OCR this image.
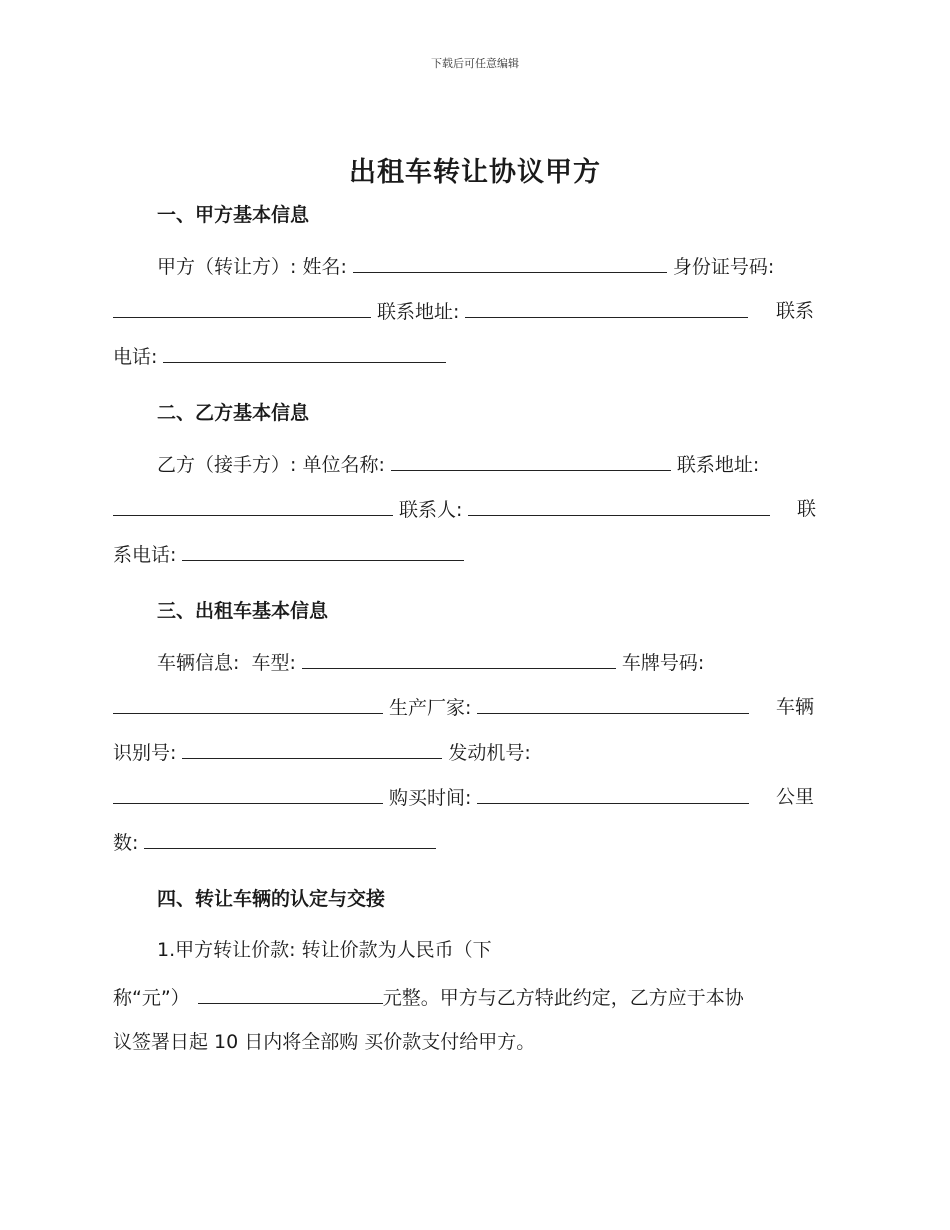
下载后可任意编辑
出租车转让协议甲方
一、甲方基本信息
甲方（转让方）: 姓名:	身份证号码:
联系地址:	联系
电话:
二、乙方基本信息
乙方（接手方）: 单位名称:	联系地址:
联系人:	联
系电话:
三、出租车基本信息
车辆信息: 车型:	车牌号码:
生产厂家:	车辆
识别号:	发动机号:
购买时间:	公里
数:
四、转让车辆的认定与交接
1.甲方转让价款: 转让价款为人民币（下
称“元”）	元整。甲方与乙方特此约定，乙方应于本协
议签署日起 10 日内将全部购 买价款支付给甲方。
